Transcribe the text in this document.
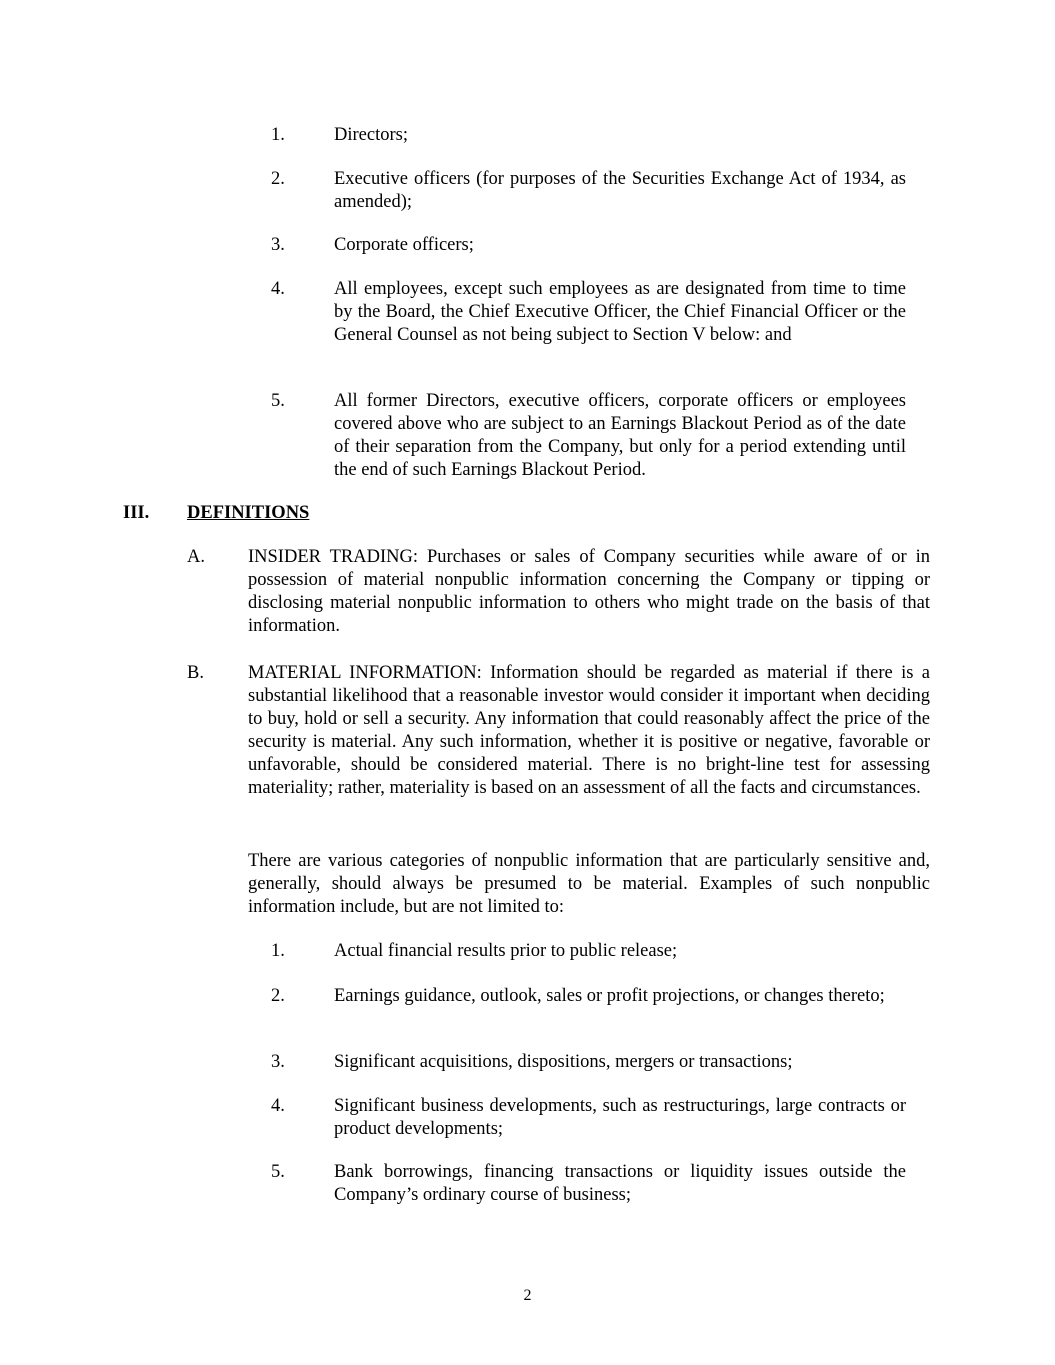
1.	Directors;
2.	Executive officers (for purposes of the Securities Exchange Act of 1934, as amended);
3.	Corporate officers;
4.	All employees, except such employees as are designated from time to time by the Board, the Chief Executive Officer, the Chief Financial Officer or the General Counsel as not being subject to Section V below: and
5.	All former Directors, executive officers, corporate officers or employees covered above who are subject to an Earnings Blackout Period as of the date of their separation from the Company, but only for a period extending until the end of such Earnings Blackout Period.
III. DEFINITIONS
A. INSIDER TRADING: Purchases or sales of Company securities while aware of or in possession of material nonpublic information concerning the Company or tipping or disclosing material nonpublic information to others who might trade on the basis of that information.
B. MATERIAL INFORMATION: Information should be regarded as material if there is a substantial likelihood that a reasonable investor would consider it important when deciding to buy, hold or sell a security. Any information that could reasonably affect the price of the security is material. Any such information, whether it is positive or negative, favorable or unfavorable, should be considered material. There is no bright-line test for assessing materiality; rather, materiality is based on an assessment of all the facts and circumstances.
There are various categories of nonpublic information that are particularly sensitive and, generally, should always be presumed to be material. Examples of such nonpublic information include, but are not limited to:
1.	Actual financial results prior to public release;
2.	Earnings guidance, outlook, sales or profit projections, or changes thereto;
3.	Significant acquisitions, dispositions, mergers or transactions;
4.	Significant business developments, such as restructurings, large contracts or product developments;
5.	Bank borrowings, financing transactions or liquidity issues outside the Company’s ordinary course of business;
2
